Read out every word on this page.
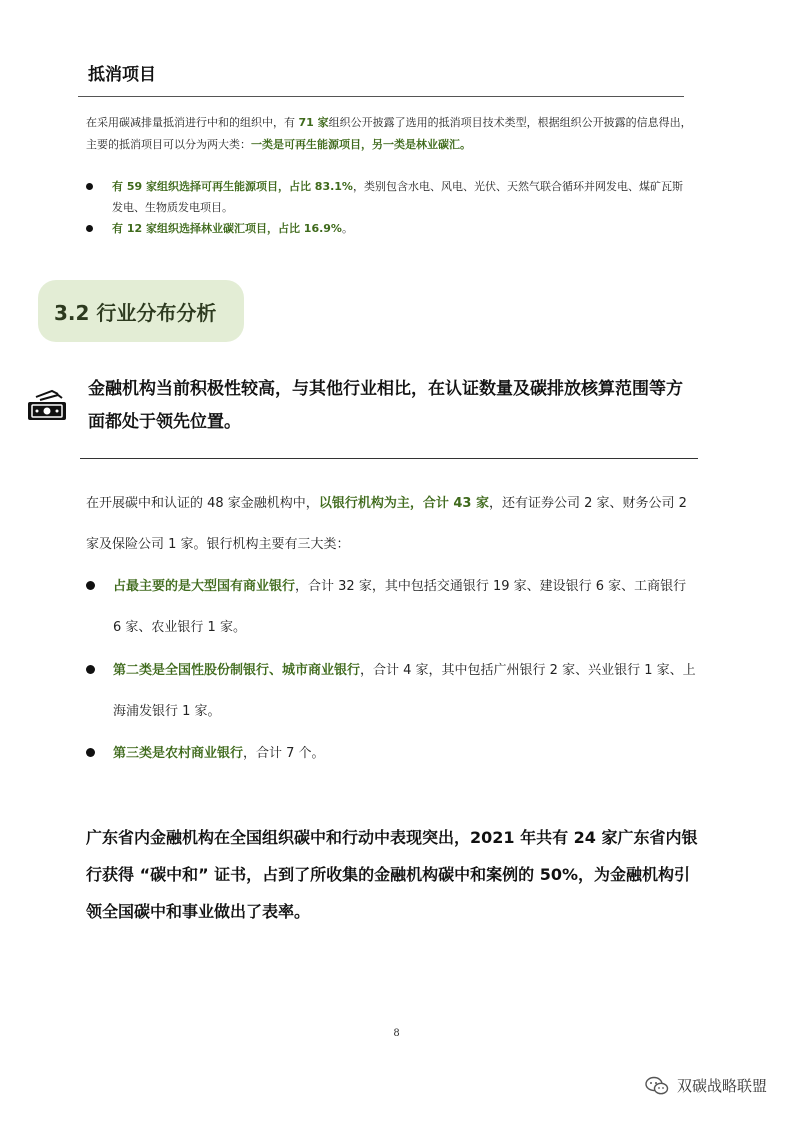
抵消项目
在采用碳减排量抵消进行中和的组织中，有 71 家组织公开披露了选用的抵消项目技术类型，根据组织公开披露的信息得出，主要的抵消项目可以分为两大类：一类是可再生能源项目，另一类是林业碳汇。
有 59 家组织选择可再生能源项目，占比 83.1%，类别包含水电、风电、光伏、天然气联合循环并网发电、煤矿瓦斯发电、生物质发电项目。
有 12 家组织选择林业碳汇项目，占比 16.9%。
3.2 行业分布分析
金融机构当前积极性较高，与其他行业相比，在认证数量及碳排放核算范围等方面都处于领先位置。
在开展碳中和认证的 48 家金融机构中，以银行机构为主，合计 43 家，还有证券公司 2 家、财务公司 2 家及保险公司 1 家。银行机构主要有三大类：
占最主要的是大型国有商业银行，合计 32 家，其中包括交通银行 19 家、建设银行 6 家、工商银行 6 家、农业银行 1 家。
第二类是全国性股份制银行、城市商业银行，合计 4 家，其中包括广州银行 2 家、兴业银行 1 家、上海浦发银行 1 家。
第三类是农村商业银行，合计 7 个。
广东省内金融机构在全国组织碳中和行动中表现突出，2021 年共有 24 家广东省内银行获得 “碳中和” 证书，占到了所收集的金融机构碳中和案例的 50%，为金融机构引领全国碳中和事业做出了表率。
8
双碳战略联盟
